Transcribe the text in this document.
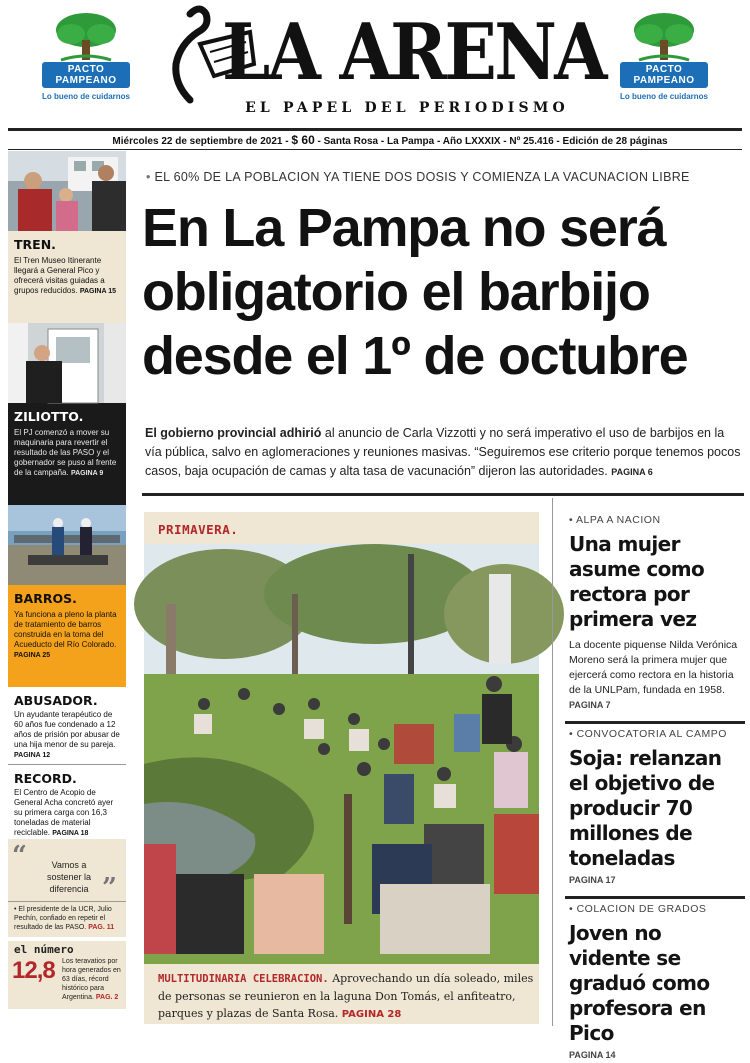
PACTO
PAMPEANO
Lo bueno de cuidarnos LA ARENA
EL PAPEL DEL PERIODISMO
PACTO
PAMPEANO
Lo bueno de cuidarnos
Miércoles 22 de septiembre de 2021 - $ 60 - Santa Rosa - La Pampa - Año LXXXIX - Nº 25.416 - Edición de 28 páginas
TREN.
El Tren Museo Itinerante llegará a General Pico y ofrecerá visitas guiadas a grupos reducidos. PAGINA 15
ZILIOTTO.
El PJ comenzó a mover su maquinaria para revertir el resultado de las PASO y el gobernador se puso al frente de la campaña. PAGINA 9
BARROS.
Ya funciona a pleno la planta de tratamiento de barros construida en la toma del Acueducto del Río Colorado. PAGINA 25
ABUSADOR.
Un ayudante terapéutico de 60 años fue condenado a 12 años de prisión por abusar de una hija menor de su pareja. PAGINA 12
RECORD.
El Centro de Acopio de General Acha concretó ayer su primera carga con 16,3 toneladas de material reciclable. PAGINA 18
“	Vamos a sostener la diferencia ”
• El presidente de la UCR, Julio Pechín, confiado en repetir el resultado de las PASO. PAG. 11
el número
12,8 Los teravatios por hora generados en 63 días, récord histórico para Argentina. PAG. 2
• EL 60% DE LA POBLACION YA TIENE DOS DOSIS Y COMIENZA LA VACUNACION LIBRE
En La Pampa no será obligatorio el barbijo desde el 1º de octubre
El gobierno provincial adhirió al anuncio de Carla Vizzotti y no será imperativo el uso de barbijos en la vía pública, salvo en aglomeraciones y reuniones masivas. “Seguiremos ese criterio porque tenemos pocos casos, baja ocupación de camas y alta tasa de vacunación” dijeron las autoridades. PAGINA 6
PRIMAVERA.
MULTITUDINARIA CELEBRACION. Aprovechando un día soleado, miles de personas se reunieron en la laguna Don Tomás, el anfiteatro, parques y plazas de Santa Rosa. PAGINA 28
• ALPA A NACION
Una mujer asume como rectora por primera vez
La docente piquense Nilda Verónica Moreno será la primera mujer que ejercerá como rectora en la historia de la UNLPam, fundada en 1958. PAGINA 7
• CONVOCATORIA AL CAMPO
Soja: relanzan el objetivo de producir 70 millones de toneladas
PAGINA 17
• COLACION DE GRADOS
Joven no vidente se graduó como profesora en Pico
PAGINA 14
